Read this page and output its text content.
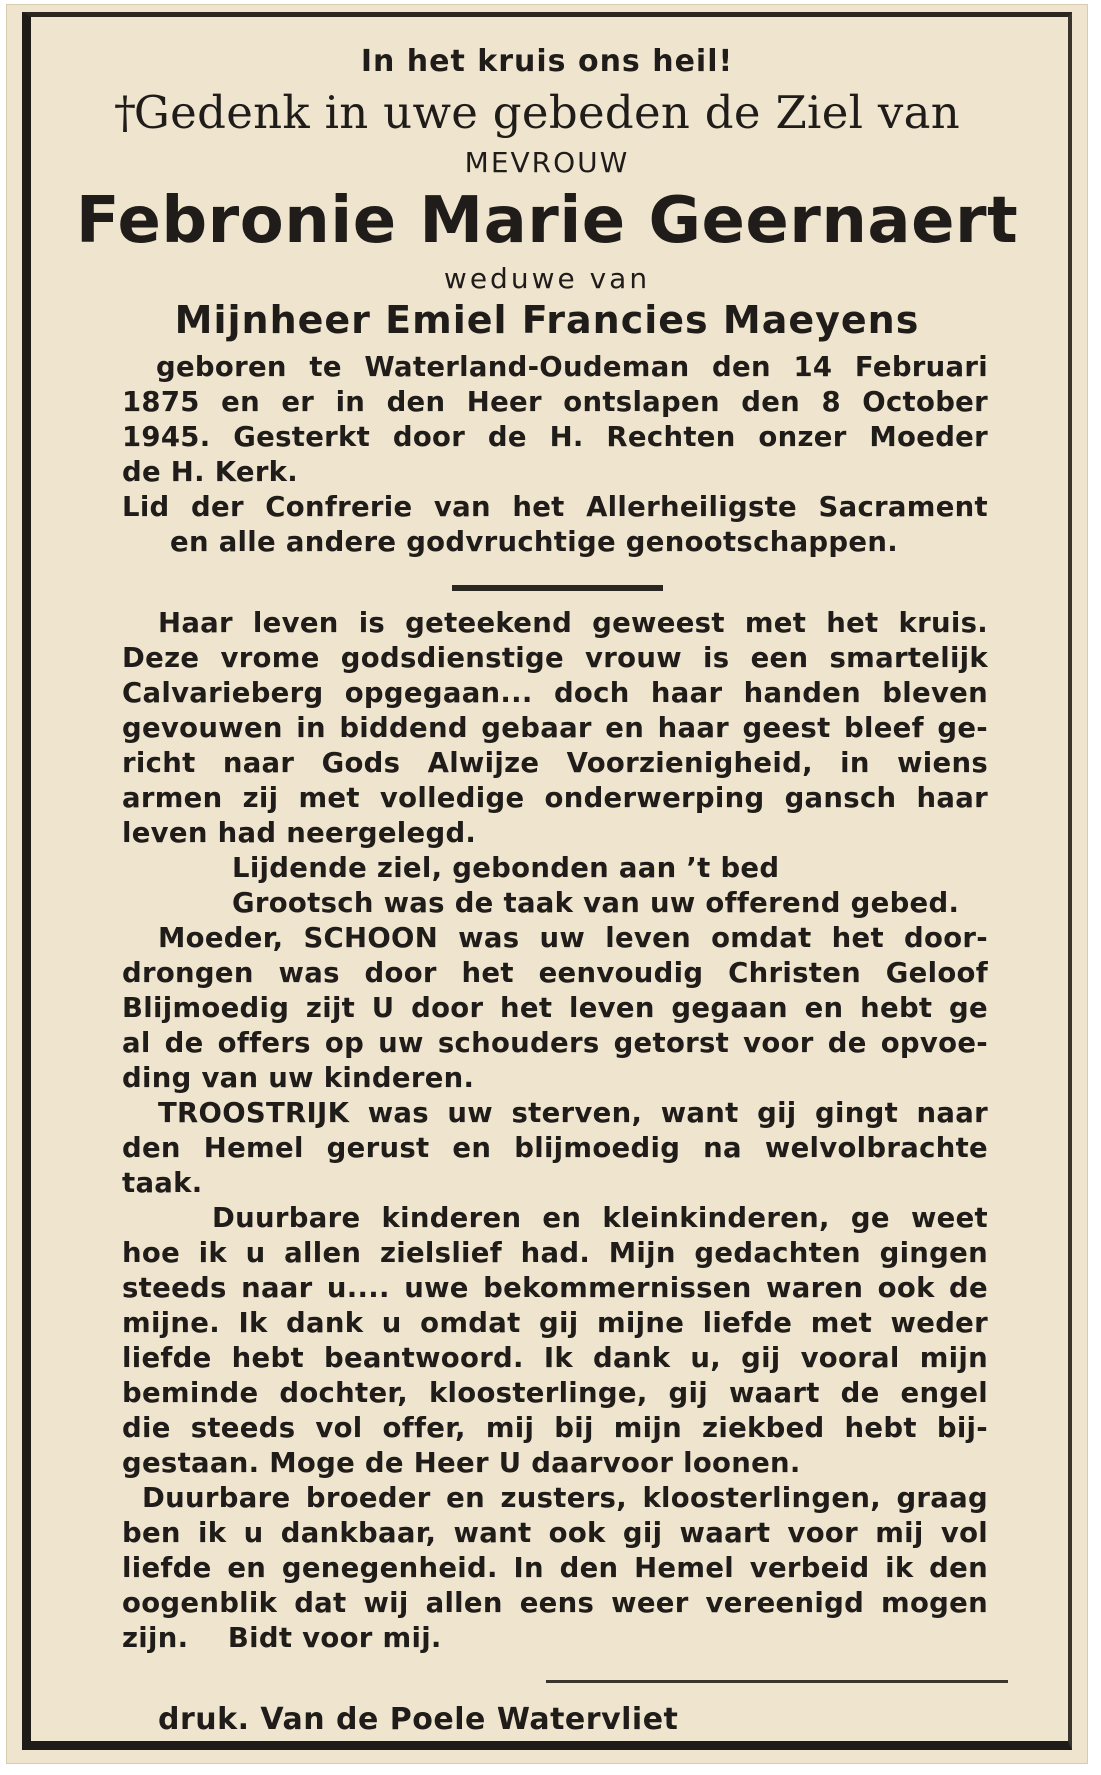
In het kruis ons heil!
†
Gedenk in uwe gebeden de Ziel van
MEVROUW
Febronie Marie Geernaert
weduwe van
Mijnheer Emiel Francies Maeyens
geboren te Waterland-Oudeman den 14 Februari
1875 en er in den Heer ontslapen den 8 October
1945. Gesterkt door de H. Rechten onzer Moeder
de H. Kerk.
Lid der Confrerie van het Allerheiligste Sacrament
en alle andere godvruchtige genootschappen.
Haar leven is geteekend geweest met het kruis.
Deze vrome godsdienstige vrouw is een smartelijk
Calvarieberg opgegaan... doch haar handen bleven
gevouwen in biddend gebaar en haar geest bleef ge-
richt naar Gods Alwijze Voorzienigheid, in wiens
armen zij met volledige onderwerping gansch haar
leven had neergelegd.
Lijdende ziel, gebonden aan ’t bed
Grootsch was de taak van uw offerend gebed.
Moeder, SCHOON was uw leven omdat het door-
drongen was door het eenvoudig Christen Geloof
Blijmoedig zijt U door het leven gegaan en hebt ge
al de offers op uw schouders getorst voor de opvoe-
ding van uw kinderen.
TROOSTRIJK was uw sterven, want gij gingt naar
den Hemel gerust en blijmoedig na welvolbrachte
taak.
Duurbare kinderen en kleinkinderen, ge weet
hoe ik u allen zielslief had. Mijn gedachten gingen
steeds naar u.... uwe bekommernissen waren ook de
mijne. Ik dank u omdat gij mijne liefde met weder
liefde hebt beantwoord. Ik dank u, gij vooral mijn
beminde dochter, kloosterlinge, gij waart de engel
die steeds vol offer, mij bij mijn ziekbed hebt bij-
gestaan. Moge de Heer U daarvoor loonen.
Duurbare broeder en zusters, kloosterlingen, graag
ben ik u dankbaar, want ook gij waart voor mij vol
liefde en genegenheid. In den Hemel verbeid ik den
oogenblik dat wij allen eens weer vereenigd mogen
zijn.    Bidt voor mij.
druk. Van de Poele Watervliet
